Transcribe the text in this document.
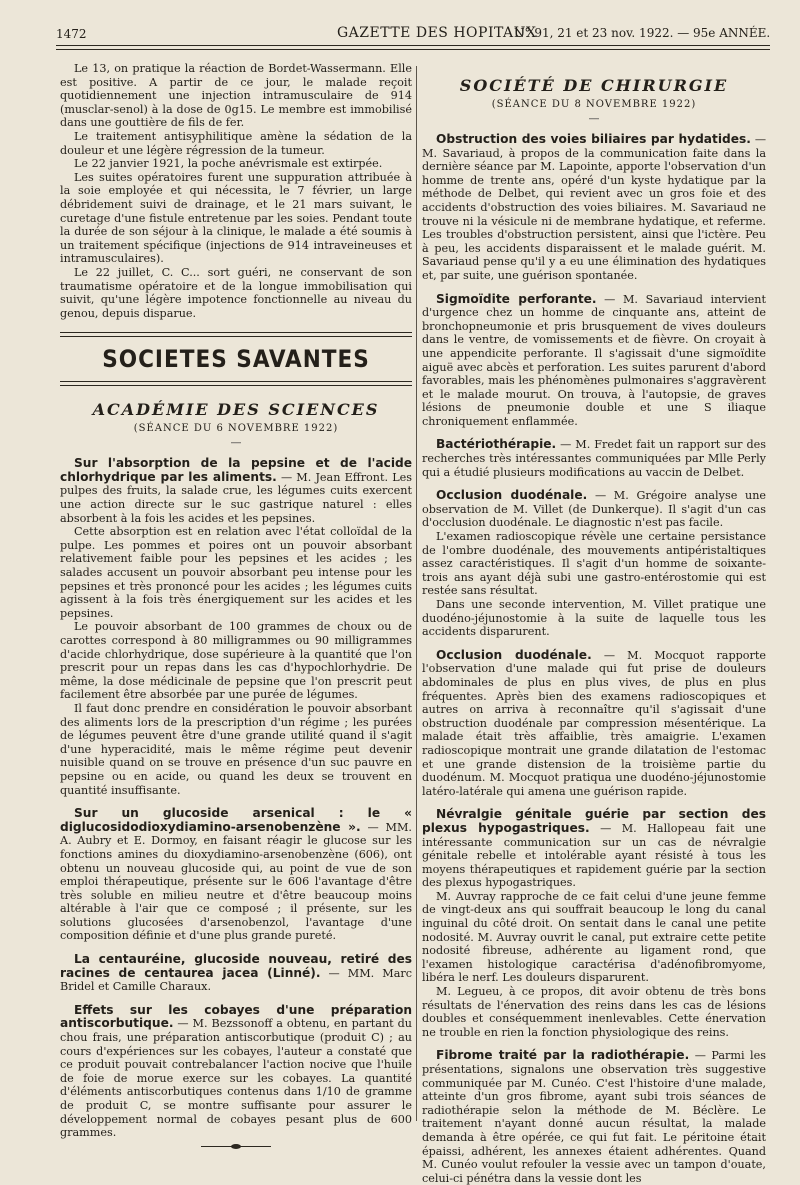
1472	GAZETTE DES HOPITAUX
N° 91, 21 et 23 nov. 1922. — 95e ANNÉE.

Le 13, on pratique la réaction de Bordet-Wassermann. Elle est positive. A partir de ce jour, le malade reçoit quotidiennement une injection intramusculaire de 914 (musclar-senol) à la dose de 0g15. Le membre est immobilisé dans une gouttière de fils de fer.

Le traitement antisyphilitique amène la sédation de la douleur et une légère régression de la tumeur.

Le 22 janvier 1921, la poche anévrismale est extirpée.

Les suites opératoires furent une suppuration attribuée à la soie employée et qui nécessita, le 7 février, un large débridement suivi de drainage, et le 21 mars suivant, le curetage d'une fistule entretenue par les soies. Pendant toute la durée de son séjour à la clinique, le malade a été soumis à un traitement spécifique (injections de 914 intraveineuses et intramusculaires).

Le 22 juillet, C. C... sort guéri, ne conservant de son traumatisme opératoire et de la longue immobilisation qui suivit, qu'une légère impotence fonctionnelle au niveau du genou, depuis disparue.

SOCIETES SAVANTES
ACADÉMIE DES SCIENCES
(SÉANCE DU 6 NOVEMBRE 1922)
—

Sur l'absorption de la pepsine et de l'acide chlorhydrique par les aliments. — M. Jean Effront. Les pulpes des fruits, la salade crue, les légumes cuits exercent une action directe sur le suc gastrique naturel : elles absorbent à la fois les acides et les pepsines.

Cette absorption est en relation avec l'état colloïdal de la pulpe. Les pommes et poires ont un pouvoir absorbant relativement faible pour les pepsines et les acides ; les salades accusent un pouvoir absorbant peu intense pour les pepsines et très prononcé pour les acides ; les légumes cuits agissent à la fois très énergiquement sur les acides et les pepsines.

Le pouvoir absorbant de 100 grammes de choux ou de carottes correspond à 80 milligrammes ou 90 milligrammes d'acide chlorhydrique, dose supérieure à la quantité que l'on prescrit pour un repas dans les cas d'hypochlorhydrie. De même, la dose médicinale de pepsine que l'on prescrit peut facilement être absorbée par une purée de légumes.

Il faut donc prendre en considération le pouvoir absorbant des aliments lors de la prescription d'un régime ; les purées de légumes peuvent être d'une grande utilité quand il s'agit d'une hyperacidité, mais le même régime peut devenir nuisible quand on se trouve en présence d'un suc pauvre en pepsine ou en acide, ou quand les deux se trouvent en quantité insuffisante.

Sur un glucoside arsenical : le « diglucosidodioxydiamino-arsenobenzène ». — MM. A. Aubry et E. Dormoy, en faisant réagir le glucose sur les fonctions amines du dioxydiamino-arsenobenzène (606), ont obtenu un nouveau glucoside qui, au point de vue de son emploi thérapeutique, présente sur le 606 l'avantage d'être très soluble en milieu neutre et d'être beaucoup moins altérable à l'air que ce composé ; il présente, sur les solutions glucosées d'arsenobenzol, l'avantage d'une composition définie et d'une plus grande pureté.

La centauréine, glucoside nouveau, retiré des racines de centaurea jacea (Linné). — MM. Marc Bridel et Camille Charaux.

Effets sur les cobayes d'une préparation antiscorbutique. — M. Bezssonoff a obtenu, en partant du chou frais, une préparation antiscorbutique (produit C) ; au cours d'expériences sur les cobayes, l'auteur a constaté que ce produit pouvait contrebalancer l'action nocive que l'huile de foie de morue exerce sur les cobayes. La quantité d'éléments antiscorbutiques contenus dans 1/10 de gramme de produit C, se montre suffisante pour assurer le développement normal de cobayes pesant plus de 600 grammes.

SOCIÉTÉ DE CHIRURGIE
(SÉANCE DU 8 NOVEMBRE 1922)
—

Obstruction des voies biliaires par hydatides. — M. Savariaud, à propos de la communication faite dans la dernière séance par M. Lapointe, apporte l'observation d'un homme de trente ans, opéré d'un kyste hydatique par la méthode de Delbet, qui revient avec un gros foie et des accidents d'obstruction des voies biliaires. M. Savariaud ne trouve ni la vésicule ni de membrane hydatique, et referme. Les troubles d'obstruction persistent, ainsi que l'ictère. Peu à peu, les accidents disparaissent et le malade guérit. M. Savariaud pense qu'il y a eu une élimination des hydatiques et, par suite, une guérison spontanée.

Sigmoïdite perforante. — M. Savariaud intervient d'urgence chez un homme de cinquante ans, atteint de bronchopneumonie et pris brusquement de vives douleurs dans le ventre, de vomissements et de fièvre. On croyait à une appendicite perforante. Il s'agissait d'une sigmoïdite aiguë avec abcès et perforation. Les suites parurent d'abord favorables, mais les phénomènes pulmonaires s'aggravèrent et le malade mourut. On trouva, à l'autopsie, de graves lésions de pneumonie double et une S iliaque chroniquement enflammée.

Bactériothérapie. — M. Fredet fait un rapport sur des recherches très intéressantes communiquées par Mlle Perly qui a étudié plusieurs modifications au vaccin de Delbet.

Occlusion duodénale. — M. Grégoire analyse une observation de M. Villet (de Dunkerque). Il s'agit d'un cas d'occlusion duodénale. Le diagnostic n'est pas facile.

L'examen radioscopique révèle une certaine persistance de l'ombre duodénale, des mouvements antipéristaltiques assez caractéristiques. Il s'agit d'un homme de soixante-trois ans ayant déjà subi une gastro-entérostomie qui est restée sans résultat.

Dans une seconde intervention, M. Villet pratique une duodéno-jéjunostomie à la suite de laquelle tous les accidents disparurent.

Occlusion duodénale. — M. Mocquot rapporte l'observation d'une malade qui fut prise de douleurs abdominales de plus en plus vives, de plus en plus fréquentes. Après bien des examens radioscopiques et autres on arriva à reconnaître qu'il s'agissait d'une obstruction duodénale par compression mésentérique. La malade était très affaiblie, très amaigrie. L'examen radioscopique montrait une grande dilatation de l'estomac et une grande distension de la troisième partie du duodénum. M. Mocquot pratiqua une duodéno-jéjunostomie latéro-latérale qui amena une guérison rapide.

Névralgie génitale guérie par section des plexus hypogastriques. — M. Hallopeau fait une intéressante communication sur un cas de névralgie génitale rebelle et intolérable ayant résisté à tous les moyens thérapeutiques et rapidement guérie par la section des plexus hypogastriques.

M. Auvray rapproche de ce fait celui d'une jeune femme de vingt-deux ans qui souffrait beaucoup le long du canal inguinal du côté droit. On sentait dans le canal une petite nodosité. M. Auvray ouvrit le canal, put extraire cette petite nodosité fibreuse, adhérente au ligament rond, que l'examen histologique caractérisa d'adénofibromyome, libéra le nerf. Les douleurs disparurent.

M. Legueu, à ce propos, dit avoir obtenu de très bons résultats de l'énervation des reins dans les cas de lésions doubles et conséquemment inenlevables. Cette énervation ne trouble en rien la fonction physiologique des reins.

Fibrome traité par la radiothérapie. — Parmi les présentations, signalons une observation très suggestive communiquée par M. Cunéo. C'est l'histoire d'une malade, atteinte d'un gros fibrome, ayant subi trois séances de radiothérapie selon la méthode de M. Béclère. Le traitement n'ayant donné aucun résultat, la malade demanda à être opérée, ce qui fut fait. Le péritoine était épaissi, adhérent, les annexes étaient adhérentes. Quand M. Cunéo voulut refouler la vessie avec un tampon d'ouate, celui-ci pénétra dans la vessie dont les
